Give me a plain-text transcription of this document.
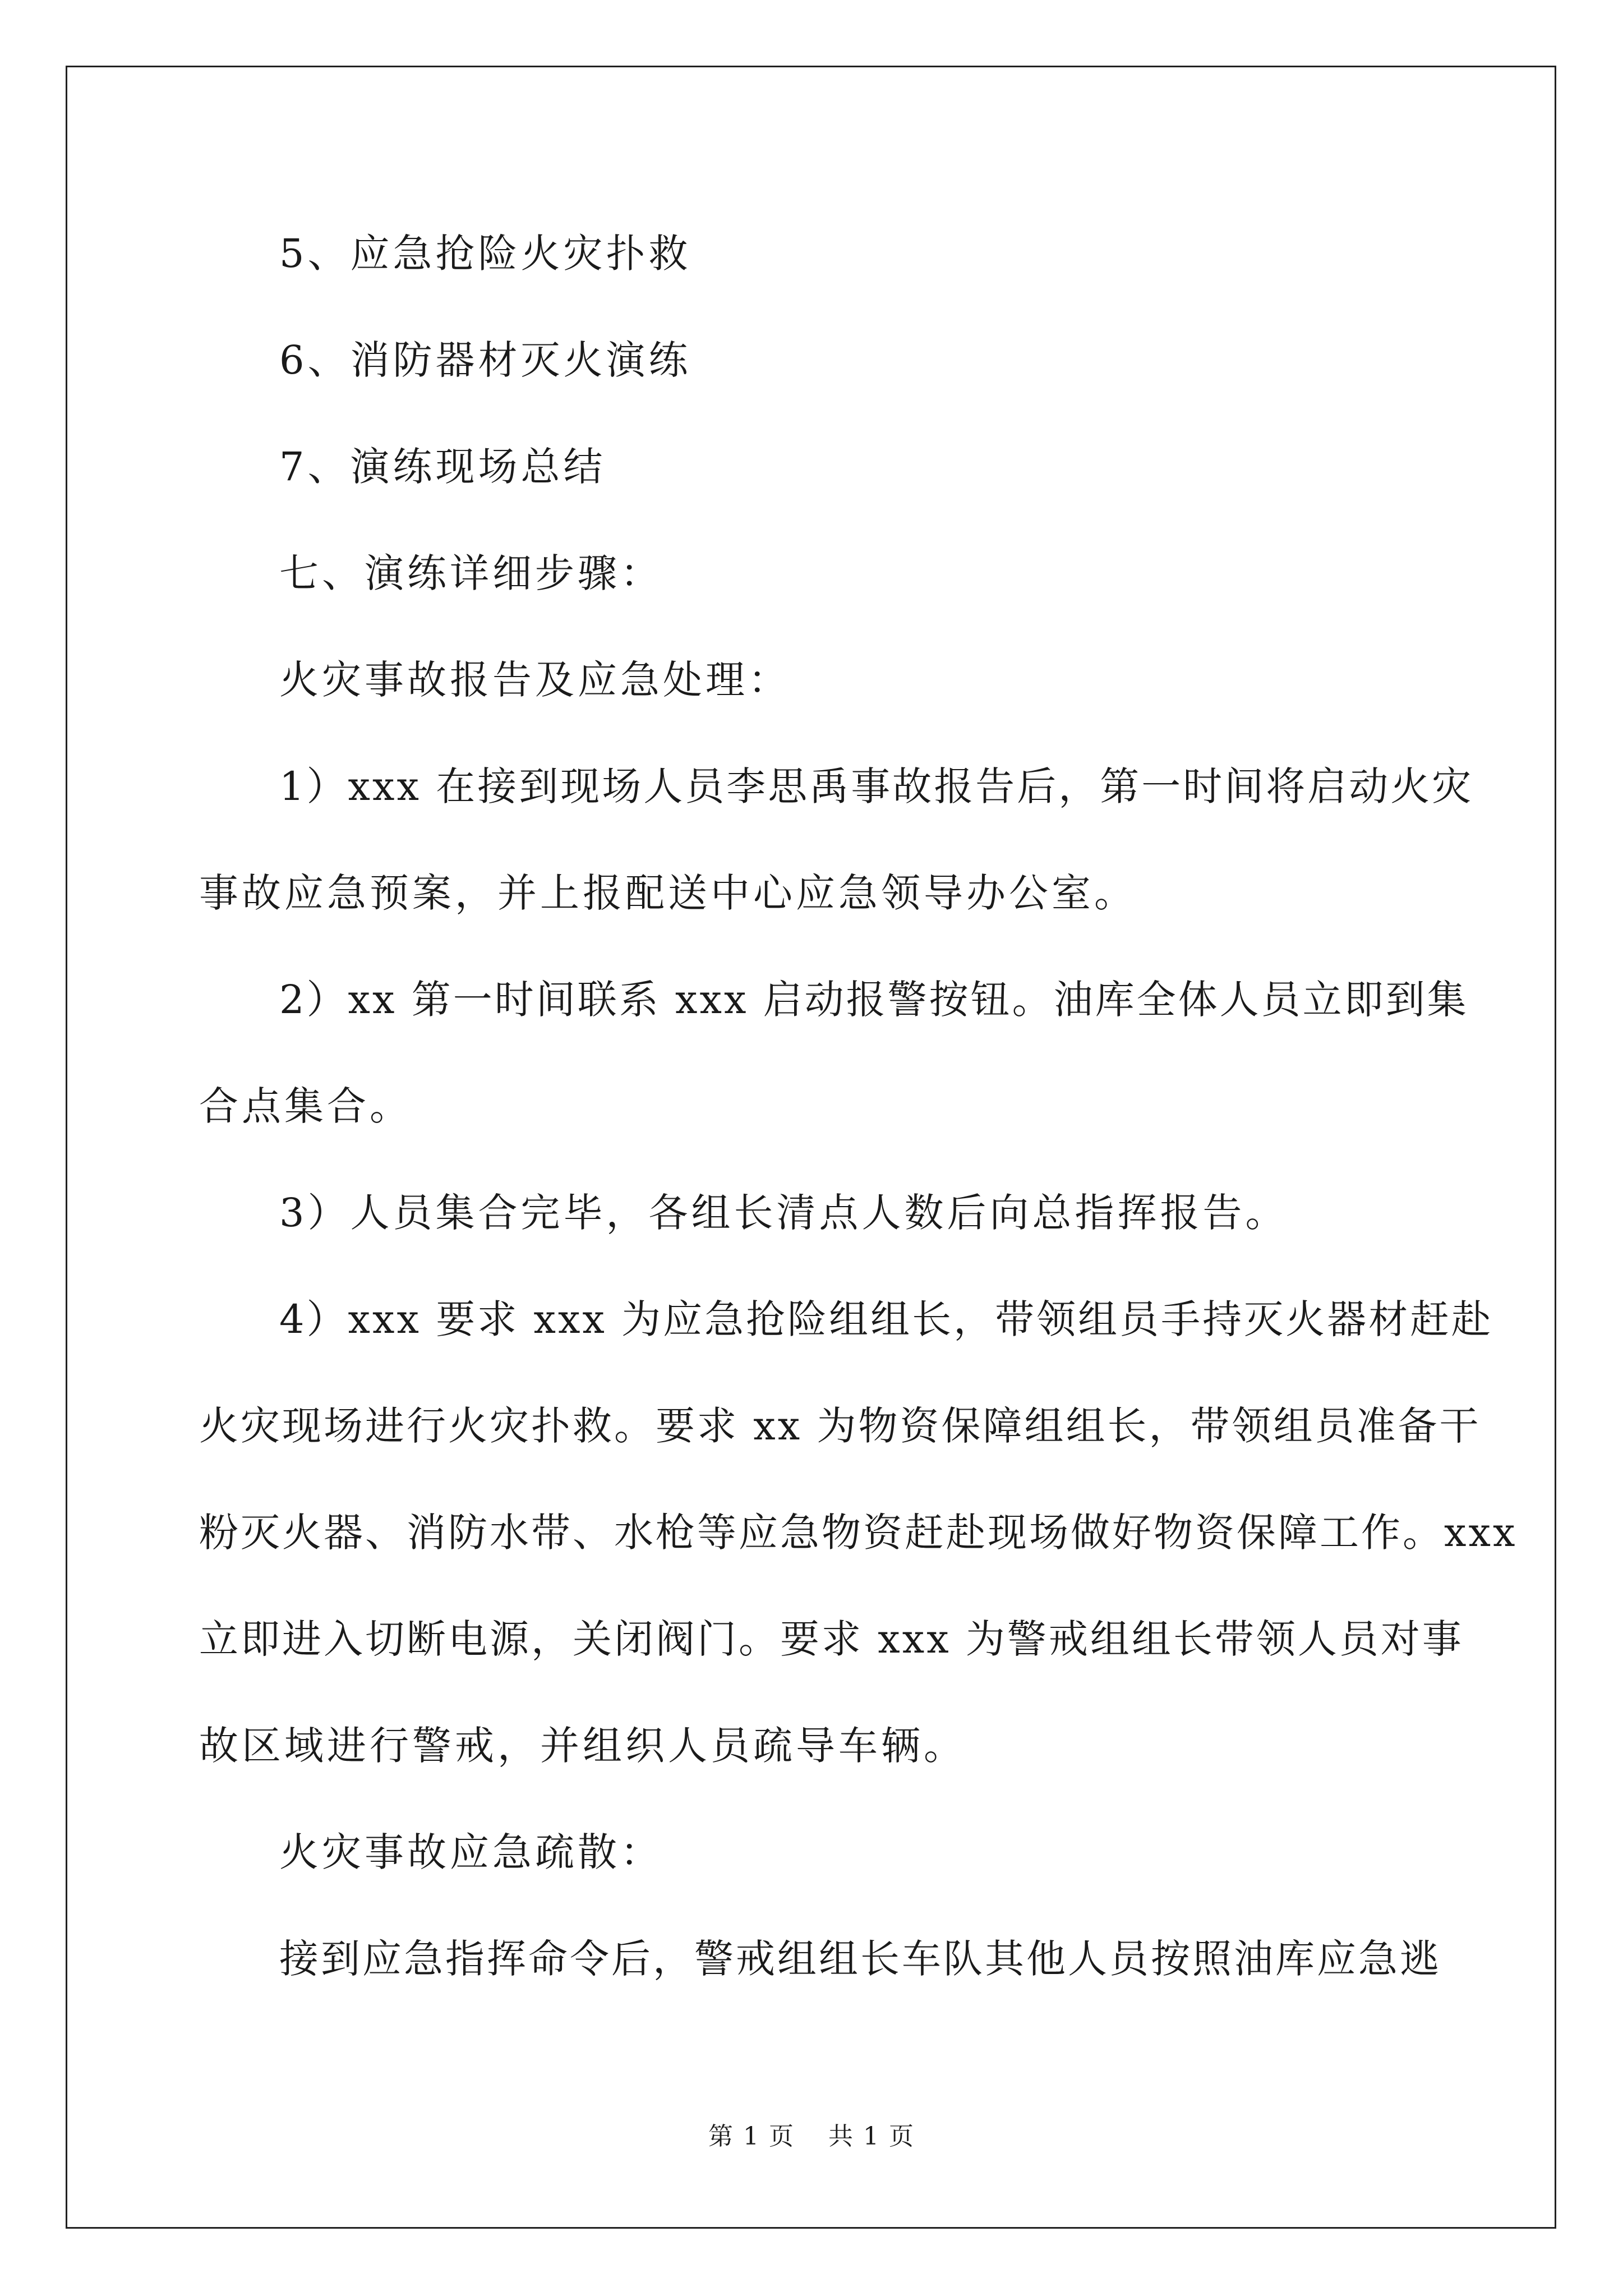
5、应急抢险火灾扑救
6、消防器材灭火演练
7、演练现场总结
七、演练详细步骤：
火灾事故报告及应急处理：
1）xxx 在接到现场人员李思禹事故报告后，第一时间将启动火灾
事故应急预案，并上报配送中心应急领导办公室。
2）xx 第一时间联系 xxx 启动报警按钮。油库全体人员立即到集
合点集合。
3）人员集合完毕，各组长清点人数后向总指挥报告。
4）xxx 要求 xxx 为应急抢险组组长，带领组员手持灭火器材赶赴
火灾现场进行火灾扑救。要求 xx 为物资保障组组长，带领组员准备干
粉灭火器、消防水带、水枪等应急物资赶赴现场做好物资保障工作。xxx
立即进入切断电源，关闭阀门。要求 xxx 为警戒组组长带领人员对事
故区域进行警戒，并组织人员疏导车辆。
火灾事故应急疏散：
接到应急指挥命令后，警戒组组长车队其他人员按照油库应急逃
第 1 页 共 1 页
